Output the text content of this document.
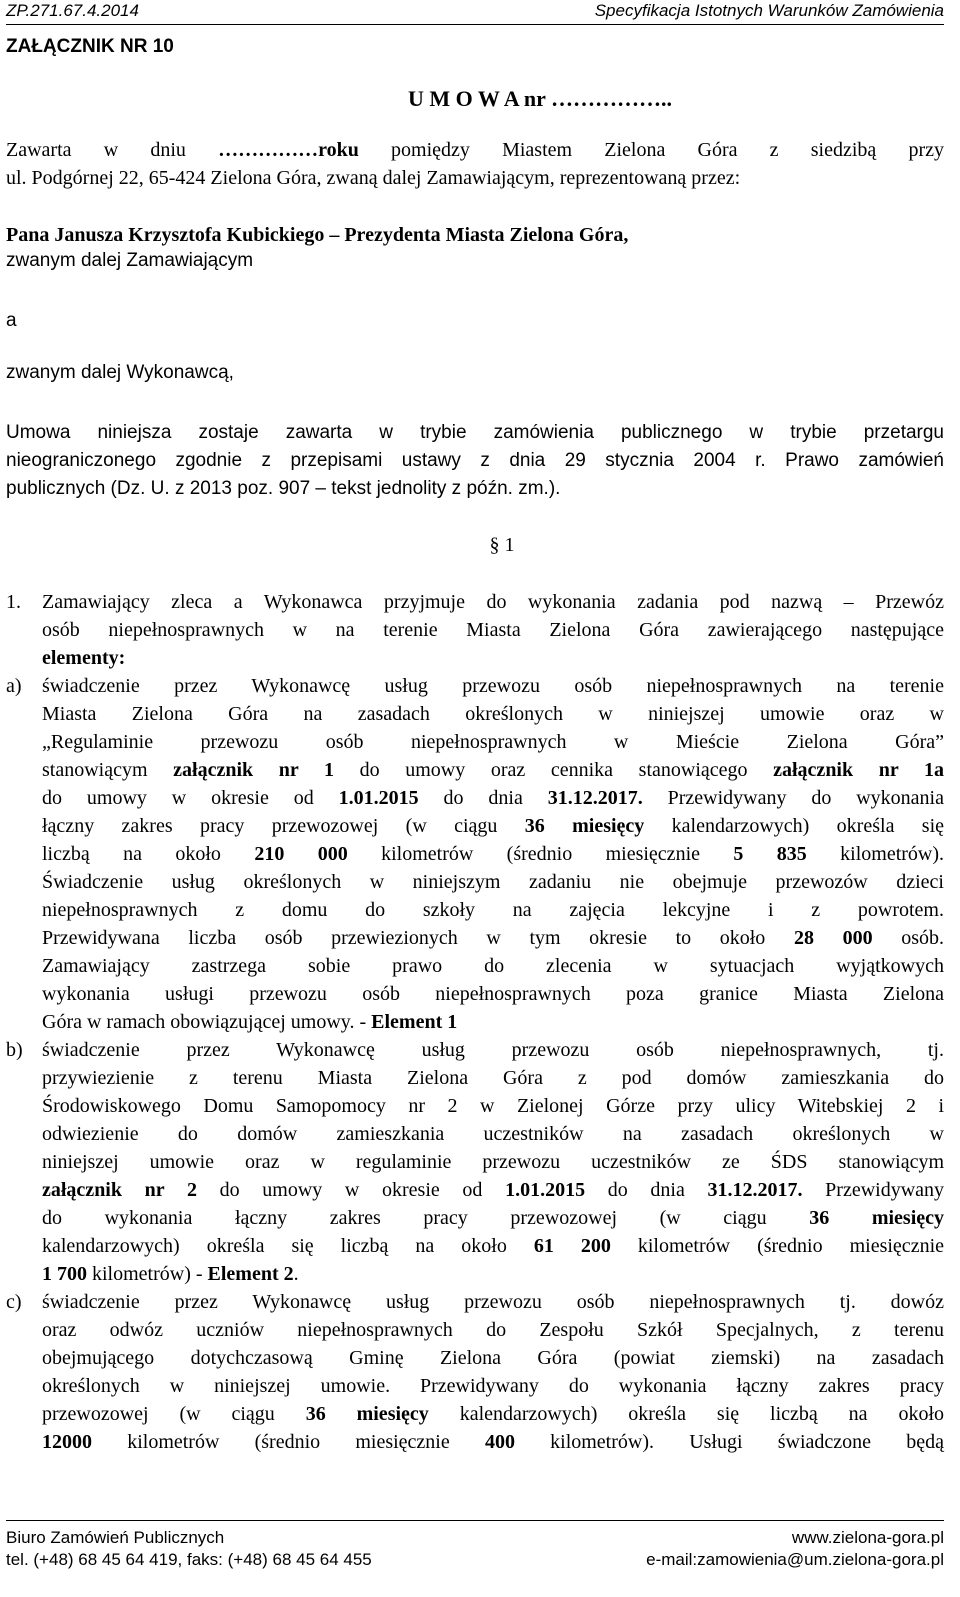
ZP.271.67.4.2014	Specyfikacja Istotnych Warunków Zamówienia
ZAŁĄCZNIK NR 10
U M O W A nr ……………..
Zawarta w dniu ……………roku pomiędzy Miastem Zielona Góra z siedzibą przy
ul. Podgórnej 22, 65-424 Zielona Góra, zwaną dalej Zamawiającym, reprezentowaną przez:
Pana Janusza Krzysztofa Kubickiego – Prezydenta Miasta Zielona Góra,
zwanym dalej Zamawiającym
a
zwanym dalej Wykonawcą,
Umowa niniejsza zostaje zawarta w trybie zamówienia publicznego w trybie przetargu
nieograniczonego zgodnie z przepisami ustawy z dnia 29 stycznia 2004 r. Prawo zamówień
publicznych (Dz. U. z 2013 poz. 907 – tekst jednolity z późn. zm.).
§ 1
1. Zamawiający zleca a Wykonawca przyjmuje do wykonania zadania pod nazwą – Przewóz
osób niepełnosprawnych w na terenie Miasta Zielona Góra zawierającego następujące
elementy:
a)	świadczenie przez Wykonawcę usług przewozu osób niepełnosprawnych na terenie
Miasta Zielona Góra na zasadach określonych w niniejszej umowie oraz w
„Regulaminie przewozu osób niepełnosprawnych w Mieście Zielona Góra”
stanowiącym załącznik nr 1 do umowy oraz cennika stanowiącego załącznik nr 1a
do umowy w okresie od 1.01.2015 do dnia 31.12.2017. Przewidywany do wykonania
łączny zakres pracy przewozowej (w ciągu 36 miesięcy kalendarzowych) określa się
liczbą na około 210 000 kilometrów (średnio miesięcznie 5 835 kilometrów).
Świadczenie usług określonych w niniejszym zadaniu nie obejmuje przewozów dzieci
niepełnosprawnych z domu do szkoły na zajęcia lekcyjne i z powrotem.
Przewidywana liczba osób przewiezionych w tym okresie to około 28 000 osób.
Zamawiający zastrzega sobie prawo do zlecenia w sytuacjach wyjątkowych
wykonania usługi przewozu osób niepełnosprawnych poza granice Miasta Zielona
Góra w ramach obowiązującej umowy. - Element 1
b) świadczenie przez Wykonawcę usług przewozu osób niepełnosprawnych, tj.
przywiezienie z terenu Miasta Zielona Góra z pod domów zamieszkania do
Środowiskowego Domu Samopomocy nr 2 w Zielonej Górze przy ulicy Witebskiej 2 i
odwiezienie do domów zamieszkania uczestników na zasadach określonych w
niniejszej umowie oraz w regulaminie przewozu uczestników ze ŚDS stanowiącym
załącznik nr 2 do umowy w okresie od 1.01.2015 do dnia 31.12.2017. Przewidywany
do wykonania łączny zakres pracy przewozowej (w ciągu 36 miesięcy
kalendarzowych) określa się liczbą na około 61 200 kilometrów (średnio miesięcznie
1 700 kilometrów) - Element 2.
c)	świadczenie przez Wykonawcę usług przewozu osób niepełnosprawnych tj. dowóz
oraz odwóz uczniów niepełnosprawnych do Zespołu Szkół Specjalnych, z terenu
obejmującego dotychczasową Gminę Zielona Góra (powiat ziemski) na zasadach
określonych w niniejszej umowie. Przewidywany do wykonania łączny zakres pracy
przewozowej (w ciągu 36 miesięcy kalendarzowych) określa się liczbą na około
12000 kilometrów (średnio miesięcznie 400 kilometrów). Usługi świadczone będą
Biuro Zamówień Publicznych	www.zielona-gora.pl
tel. (+48) 68 45 64 419, faks: (+48) 68 45 64 455	e-mail:zamowienia@um.zielona-gora.pl
